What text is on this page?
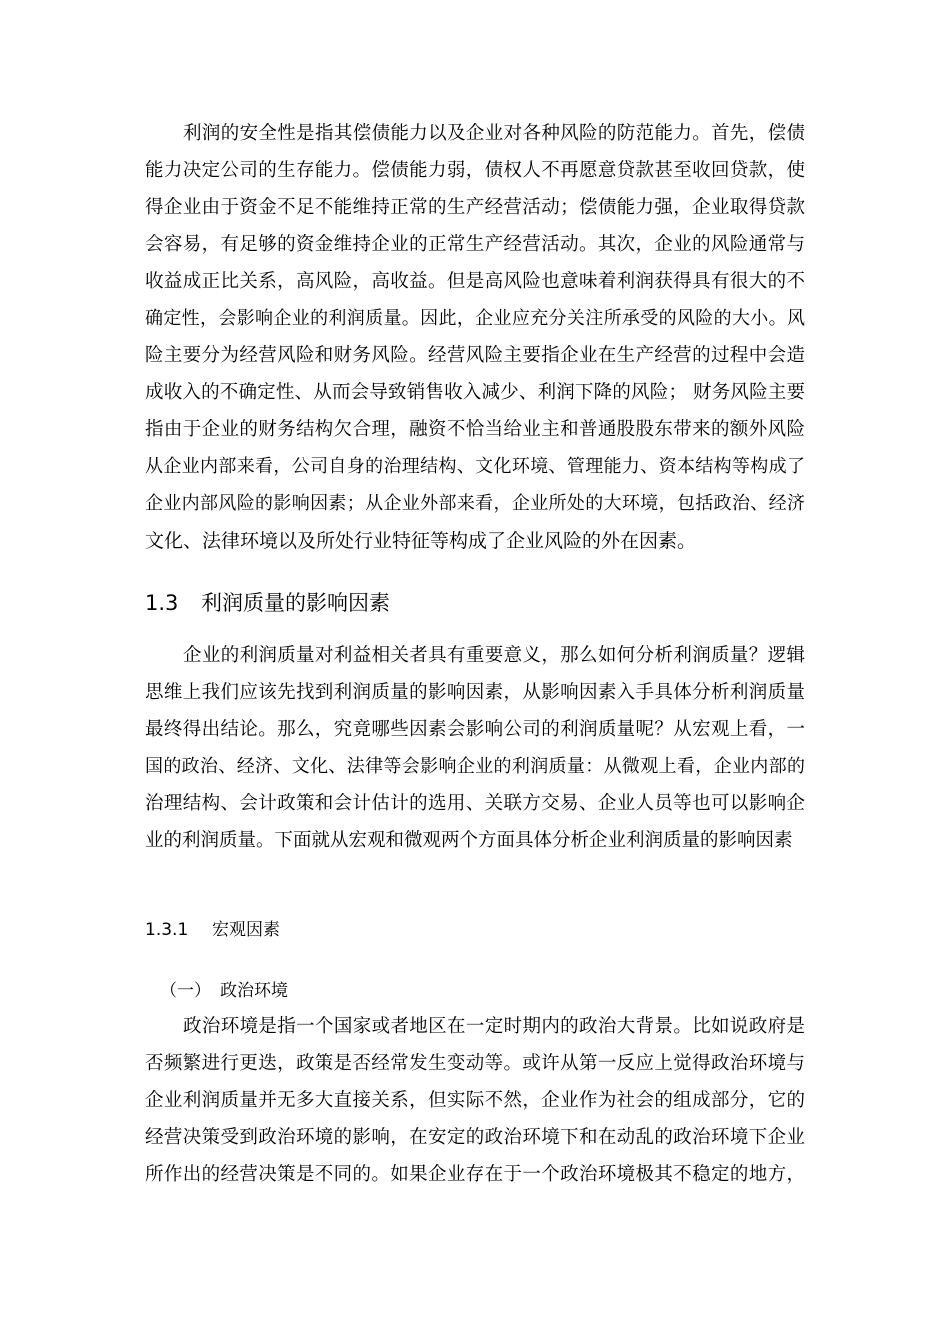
利润的安全性是指其偿债能力以及企业对各种风险的防范能力。首先，偿债
能力决定公司的生存能力。偿债能力弱，债权人不再愿意贷款甚至收回贷款，使
得企业由于资金不足不能维持正常的生产经营活动；偿债能力强，企业取得贷款
会容易，有足够的资金维持企业的正常生产经营活动。其次，企业的风险通常与
收益成正比关系，高风险，高收益。但是高风险也意味着利润获得具有很大的不
确定性，会影响企业的利润质量。因此，企业应充分关注所承受的风险的大小。风
险主要分为经营风险和财务风险。经营风险主要指企业在生产经营的过程中会造
成收入的不确定性、从而会导致销售收入减少、利润下降的风险； 财务风险主要
指由于企业的财务结构欠合理，融资不恰当给业主和普通股股东带来的额外风险
从企业内部来看，公司自身的治理结构、文化环境、管理能力、资本结构等构成了
企业内部风险的影响因素；从企业外部来看，企业所处的大环境，包括政治、经济
文化、法律环境以及所处行业特征等构成了企业风险的外在因素。
1.3 利润质量的影响因素
企业的利润质量对利益相关者具有重要意义，那么如何分析利润质量？逻辑
思维上我们应该先找到利润质量的影响因素，从影响因素入手具体分析利润质量
最终得出结论。那么，究竟哪些因素会影响公司的利润质量呢？从宏观上看，一
国的政治、经济、文化、法律等会影响企业的利润质量：从微观上看，企业内部的
治理结构、会计政策和会计估计的选用、关联方交易、企业人员等也可以影响企
业的利润质量。下面就从宏观和微观两个方面具体分析企业利润质量的影响因素
1.3.1 宏观因素
（一） 政治环境
政治环境是指一个国家或者地区在一定时期内的政治大背景。比如说政府是
否频繁进行更迭，政策是否经常发生变动等。或许从第一反应上觉得政治环境与
企业利润质量并无多大直接关系，但实际不然，企业作为社会的组成部分，它的
经营决策受到政治环境的影响，在安定的政治环境下和在动乱的政治环境下企业
所作出的经营决策是不同的。如果企业存在于一个政治环境极其不稳定的地方，
